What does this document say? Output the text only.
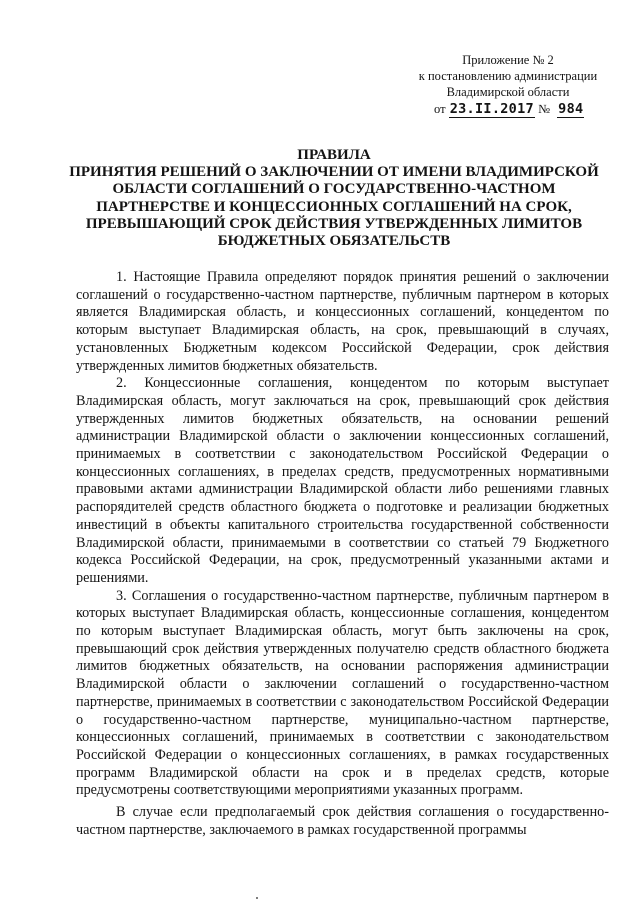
Приложение № 2
к постановлению администрации
Владимирской области
от 23.II.2017 № 984
ПРАВИЛА
ПРИНЯТИЯ РЕШЕНИЙ О ЗАКЛЮЧЕНИИ ОТ ИМЕНИ ВЛАДИМИРСКОЙ
ОБЛАСТИ СОГЛАШЕНИЙ О ГОСУДАРСТВЕННО-ЧАСТНОМ
ПАРТНЕРСТВЕ И КОНЦЕССИОННЫХ СОГЛАШЕНИЙ НА СРОК,
ПРЕВЫШАЮЩИЙ СРОК ДЕЙСТВИЯ УТВЕРЖДЕННЫХ ЛИМИТОВ
БЮДЖЕТНЫХ ОБЯЗАТЕЛЬСТВ

1. Настоящие Правила определяют порядок принятия решений о заключении соглашений о государственно-частном партнерстве, публичным партнером в которых является Владимирская область, и концессионных соглашений, концедентом по которым выступает Владимирская область, на срок, превышающий в случаях, установленных Бюджетным кодексом Российской Федерации, срок действия утвержденных лимитов бюджетных обязательств.

2. Концессионные соглашения, концедентом по которым выступает Владимирская область, могут заключаться на срок, превышающий срок действия утвержденных лимитов бюджетных обязательств, на основании решений администрации Владимирской области о заключении концессионных соглашений, принимаемых в соответствии с законодательством Российской Федерации о концессионных соглашениях, в пределах средств, предусмотренных нормативными правовыми актами администрации Владимирской области либо решениями главных распорядителей средств областного бюджета о подготовке и реализации бюджетных инвестиций в объекты капитального строительства государственной собственности Владимирской области, принимаемыми в соответствии со статьей 79 Бюджетного кодекса Российской Федерации, на срок, предусмотренный указанными актами и решениями.

3. Соглашения о государственно-частном партнерстве, публичным партнером в которых выступает Владимирская область, концессионные соглашения, концедентом по которым выступает Владимирская область, могут быть заключены на срок, превышающий срок действия утвержденных получателю средств областного бюджета лимитов бюджетных обязательств, на основании распоряжения администрации Владимирской области о заключении соглашений о государственно-частном партнерстве, принимаемых в соответствии с законодательством Российской Федерации о государственно-частном партнерстве, муниципально-частном партнерстве, концессионных соглашений, принимаемых в соответствии с законодательством Российской Федерации о концессионных соглашениях, в рамках государственных программ Владимирской области на срок и в пределах средств, которые предусмотрены соответствующими мероприятиями указанных программ.

В случае если предполагаемый срок действия соглашения о государственно-частном партнерстве, заключаемого в рамках государственной программы
